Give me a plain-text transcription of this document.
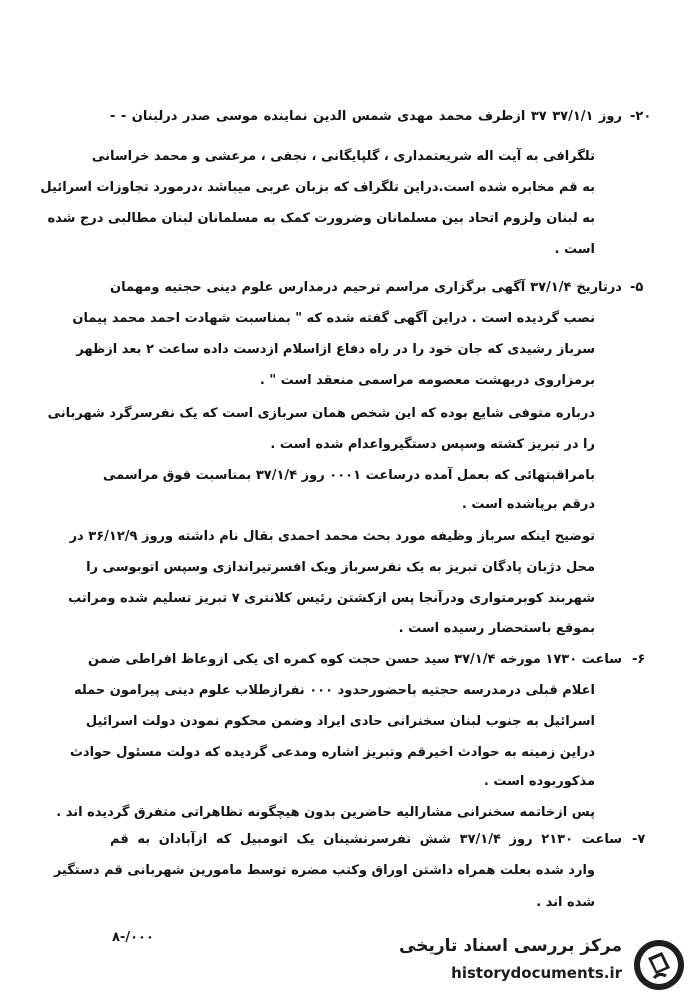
-۲۰
روز ۳۷/۱/۱ ۳۷ ازطرف محمد مهدی شمس الدین نماینده موسی صدر درلبنان - -
تلگرافی به آیت اله شریعتمداری ، گلپایگانی ، نجفی ، مرعشی و محمد خراسانی
به قم مخابره شده است.دراین تلگراف که بزبان عربی میباشد ،درمورد تجاوزات اسرائیل
به لبنان ولزوم اتحاد بین مسلمانان وضرورت کمک به مسلمانان لبنان مطالبی درج شده
است .
-۵
درتاریخ ۳۷/۱/۴ آگهی برگزاری مراسم ترحیم درمدارس علوم دینی حجتیه ومهمان
نصب گردیده است . دراین آگهی گفته شده که " بمناسبت شهادت احمد محمد پیمان
سرباز رشیدی که جان خود را در راه دفاع ازاسلام ازدست داده ساعت ۲ بعد ازظهر
برمزاروی دربهشت معصومه مراسمی منعقد است " .
درباره متوفی شایع بوده که این شخص همان سربازی است که یک نفرسرگرد شهربانی
را در تبریز کشته وسپس دستگیرواعدام شده است .
بامراقبتهائی که بعمل آمده درساعت ۰۰۰۱ روز ۳۷/۱/۴ بمناسبت فوق مراسمی
درقم برپاشده است .
توضیح اینکه سرباز وظیفه مورد بحث محمد احمدی بقال نام داشته وروز ۳۶/۱۲/۹ در
محل دژبان پادگان تبریز به یک نفرسرباز ویک افسرتیراندازی وسپس اتوبوسی را
شهربند کوبرمتواری ودرآنجا پس ازکشتن رئیس کلانتری ۷ تبریز تسلیم شده ومراتب
بموقع باستحضار رسیده است .
-۶
ساعت ۱۷۳۰ مورخه ۳۷/۱/۴ سید حسن حجت کوه کمره ای یکی ازوعاظ افراطی ضمن
اعلام قبلی درمدرسه حجتیه باحضورحدود ۰۰۰ نفرازطلاب علوم دینی پیرامون حمله
اسرائیل به جنوب لبنان سخنرانی حادی ایراد وضمن محکوم نمودن دولت اسرائیل
دراین زمینه به حوادث اخیرقم وتبریز اشاره ومدعی گردیده که دولت مسئول حوادث
مذکوربوده است .
پس ازخاتمه سخنرانی مشارالیه حاضرین بدون هیچگونه تظاهراتی متفرق گردیده اند .
-۷
ساعت ۲۱۳۰ روز ۳۷/۱/۴ شش نفرسرنشینان یک اتومبیل که ازآبادان به قم
وارد شده بعلت همراه داشتن اوراق وکتب مضره توسط مامورین شهربانی قم دستگیر
شده اند .
۸-/۰۰۰	مرکز بررسی اسناد تاریخی
historydocuments.ir
